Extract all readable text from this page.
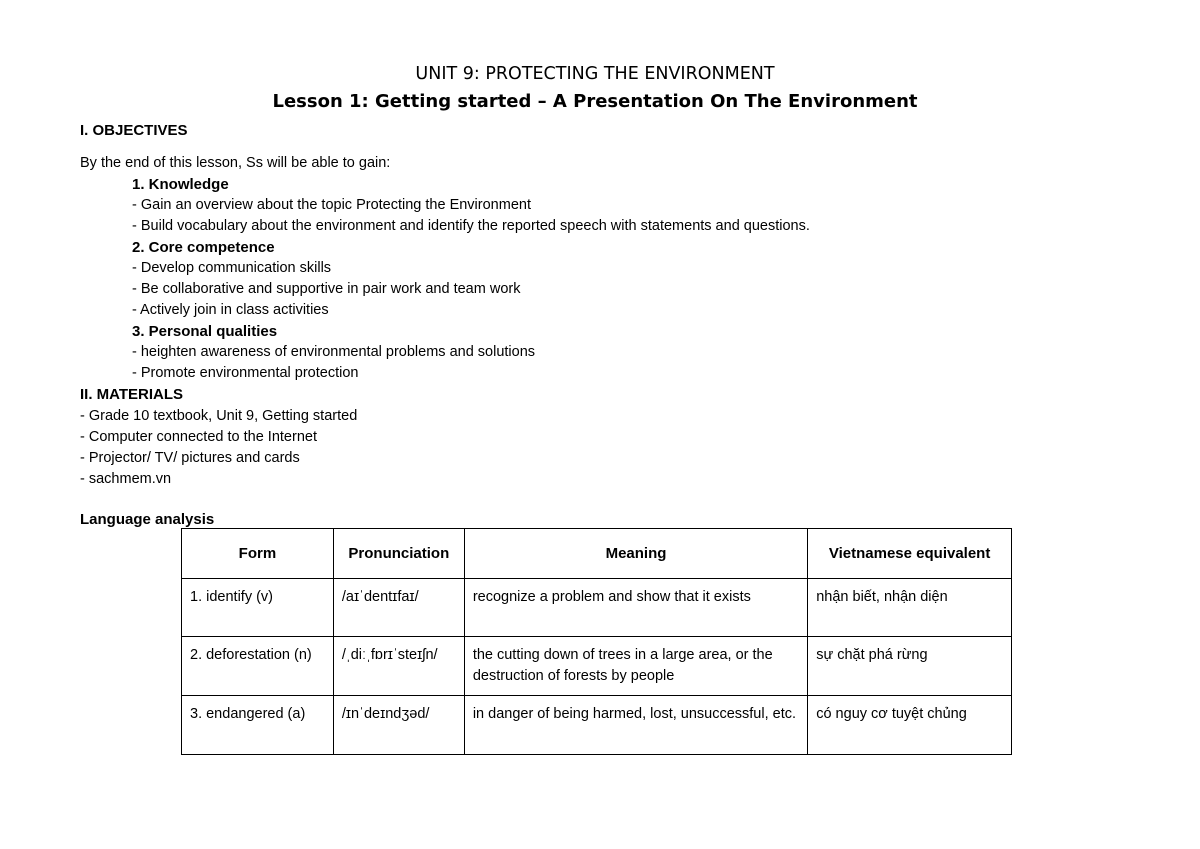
UNIT 9: PROTECTING THE ENVIRONMENT
Lesson 1: Getting started – A Presentation On The Environment
I. OBJECTIVES
By the end of this lesson, Ss will be able to gain:
1. Knowledge
- Gain an overview about the topic Protecting the Environment
- Build vocabulary about the environment and identify the reported speech with statements and questions.
2. Core competence
- Develop communication skills
- Be collaborative and supportive in pair work and team work
- Actively join in class activities
3. Personal qualities
- heighten awareness of environmental problems and solutions
- Promote environmental protection
II. MATERIALS
- Grade 10 textbook, Unit 9, Getting started
- Computer connected to the Internet
- Projector/ TV/ pictures and cards
- sachmem.vn
Language analysis
Form	Pronunciation	Meaning	Vietnamese equivalent
1. identify (v)	/aɪˈdentɪfaɪ/	recognize a problem and show that it exists	nhận biết, nhận diện
2. deforestation (n)	/ˌdiːˌfɒrɪˈsteɪʃn/	the cutting down of trees in a large area, or the destruction of forests by people	sự chặt phá rừng
3. endangered (a)	/ɪnˈdeɪndʒəd/	in danger of being harmed, lost, unsuccessful, etc.	có nguy cơ tuyệt chủng
